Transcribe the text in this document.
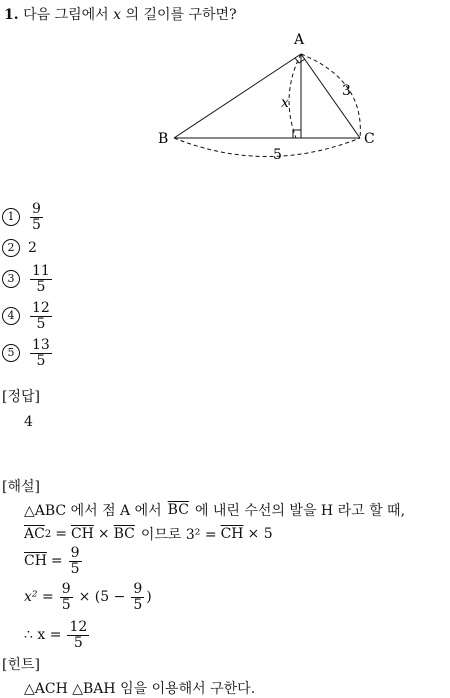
1. 다음 그림에서 x 의 길이를 구하면?
A
B	C
x
3
5
1	$\frac{9}{5}$
2 2
3	$\frac{11}{5}$
4	$\frac{12}{5}$
5	$\frac{13}{5}$
[정답]
4
[해설]
△ABC 에서 점 A 에서 $\overline{BC}$ 에 내린 수선의 발을 H 라고 할 때,
$\overline{AC}$ $2 = \overline{CH} \times \overline{BC}$ 이므로 $3^2 = \overline{CH} \times 5$
$\overline{CH} = \frac{9}{5}$
$x^2 = \frac{9}{5} \times (5 - \frac{9}{5}$ )
∴ $x = \frac{12}{5}$
[힌트]
△ACH △BAH 임을 이용해서 구한다.
